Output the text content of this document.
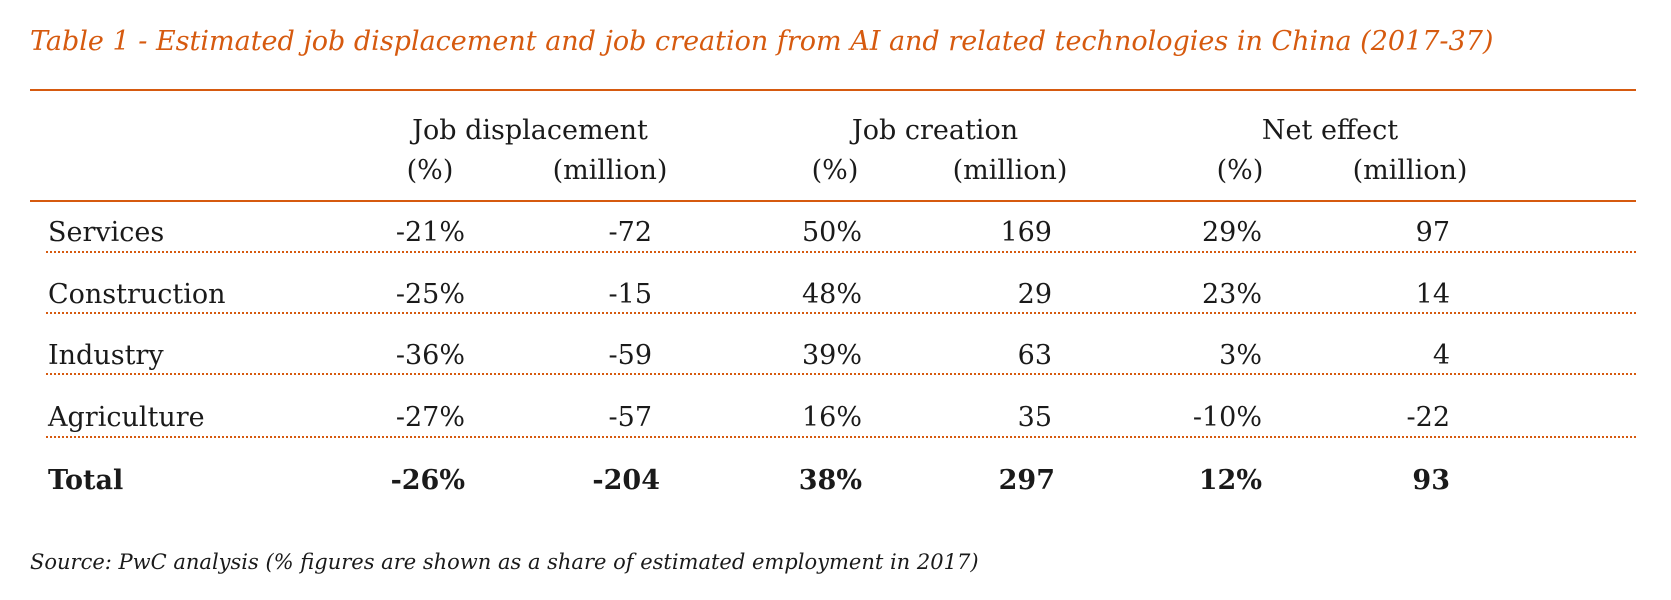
Table 1 - Estimated job displacement and job creation from AI and related technologies in China (2017-37)
Job displacement	Job creation	Net effect
(%)	(million)	(%)	(million)	(%)	(million)
Services	-21%	-72	50%	169	29%	97
Construction	-25%	-15	48%	29	23%	14
Industry	-36%	-59	39%	63	3%	4
Agriculture	-27%	-57	16%	35	-10%	-22
Total	-26%	-204	38%	297	12%	93
Source: PwC analysis (% figures are shown as a share of estimated employment in 2017)
